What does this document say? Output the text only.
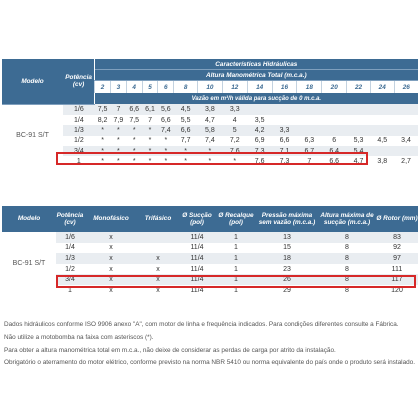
Modelo	Potência (cv)	Características Hidráulicas														
		Altura Manométrica Total (m.c.a.)														
		2	3	4	5	6	8	10	12	14	16	18	20	22	24	26
		Vazão em m³/h válida para sucção de 0 m.c.a.														
BC-91 S/T	1/6	7,5	7	6,6	6,1	5,6	4,5	3,8	3,3							
	1/4	8,2	7,9	7,5	7	6,6	5,5	4,7	4	3,5						
	1/3	*	*	*	*	7,4	6,6	5,8	5	4,2	3,3					
	1/2	*	*	*	*	*	7,7	7,4	7,2	6,9	6,6	6,3	6	5,3	4,5	3,4
	3/4	*	*	*	*	*	*	*	7,6	7,3	7,1	6,7	6,4	5,4		
	1	*	*	*	*	*	*	*	*	7,6	7,3	7	6,6	4,7	3,8	2,7
Modelo	Potência (cv)	Monofásico	Trifásico	Ø Sucção (pol)	Ø Recalque (pol)	Pressão máxima sem vazão (m.c.a.)	Altura máxima de sucção (m.c.a.)	Ø Rotor (mm)
BC-91 S/T	1/6	x		11/4	1	13	8	83
	1/4	x		11/4	1	15	8	92
	1/3	x	x	11/4	1	18	8	97
	1/2	x	x	11/4	1	23	8	111
	3/4	x	x	11/4	1	26	8	117
	1	x	x	11/4	1	29	8	120
Dados hidráulicos conforme ISO 9906 anexo "A", com motor de linha e frequência indicados. Para condições diferentes consulte a Fábrica.
Não utilize a motobomba na faixa com asteriscos (*).
Para obter a altura manométrica total em m.c.a., não deixe de considerar as perdas de carga por atrito da instalação.
Obrigatório o aterramento do motor elétrico, conforme previsto na norma NBR 5410 ou norma equivalente do país onde o produto será instalado.
